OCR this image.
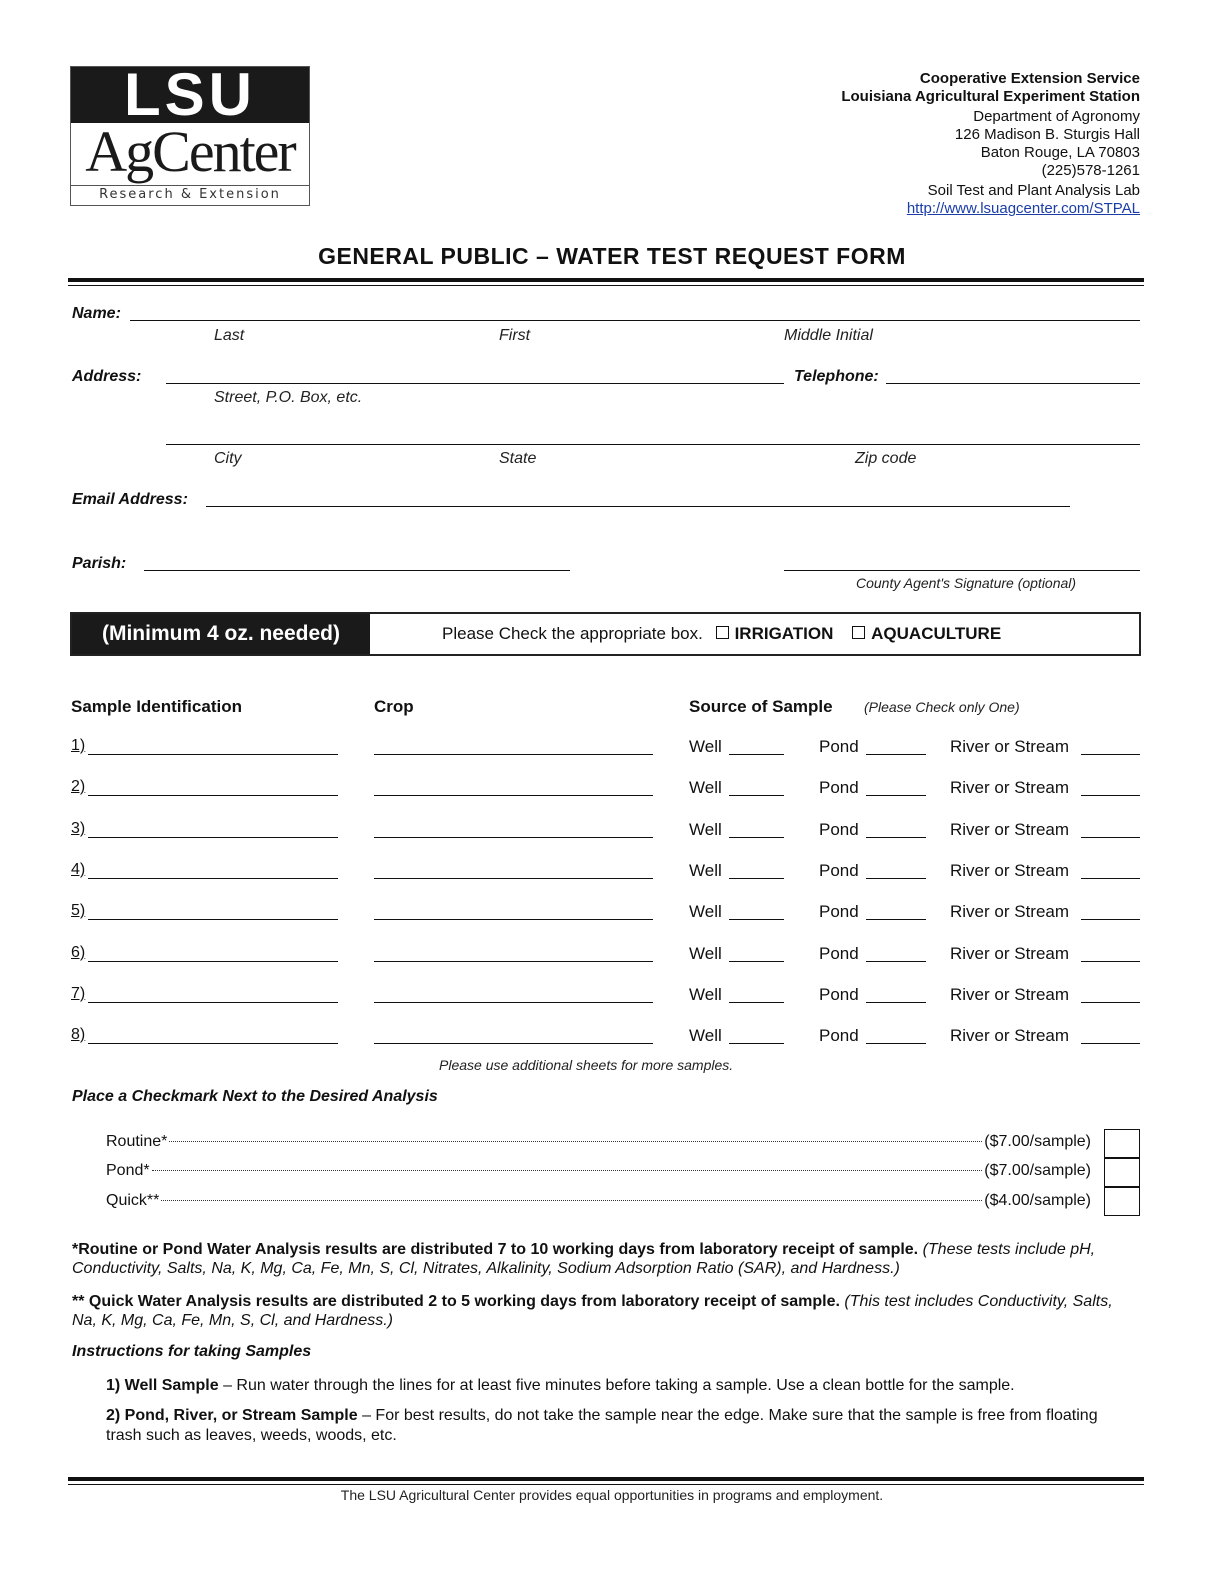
LSU
AgCenter
Research & Extension
Cooperative Extension Service
Louisiana Agricultural Experiment Station
Department of Agronomy
126 Madison B. Sturgis Hall
Baton Rouge, LA 70803
(225)578-1261
Soil Test and Plant Analysis Lab
http://www.lsuagcenter.com/STPAL
GENERAL PUBLIC – WATER TEST REQUEST FORM
Name:
Last	First	Middle Initial
Address:
Street, P.O. Box, etc.
Telephone:
City	State	Zip code
Email Address:
Parish:
County Agent's Signature (optional)
(Minimum 4 oz. needed)	Please Check the appropriate box. IRRIGATION AQUACULTURE
Sample Identification	Crop	Source of Sample (Please Check only One)
1)	Well	Pond	River or Stream
2)	Well	Pond	River or Stream
3)	Well	Pond	River or Stream
4)	Well	Pond	River or Stream
5)	Well	Pond	River or Stream
6)	Well	Pond	River or Stream
7)	Well	Pond	River or Stream
8)	Well	Pond	River or Stream
Please use additional sheets for more samples.
Place a Checkmark Next to the Desired Analysis
Routine*	($7.00/sample)
Pond*	($7.00/sample)
Quick**	($4.00/sample)
*Routine or Pond Water Analysis results are distributed 7 to 10 working days from laboratory receipt of sample. (These tests include pH, Conductivity, Salts, Na, K, Mg, Ca, Fe, Mn, S, Cl, Nitrates, Alkalinity, Sodium Adsorption Ratio (SAR), and Hardness.)
** Quick Water Analysis results are distributed 2 to 5 working days from laboratory receipt of sample. (This test includes Conductivity, Salts, Na, K, Mg, Ca, Fe, Mn, S, Cl, and Hardness.)
Instructions for taking Samples
1) Well Sample – Run water through the lines for at least five minutes before taking a sample. Use a clean bottle for the sample.
2) Pond, River, or Stream Sample – For best results, do not take the sample near the edge. Make sure that the sample is free from floating trash such as leaves, weeds, woods, etc.
The LSU Agricultural Center provides equal opportunities in programs and employment.
